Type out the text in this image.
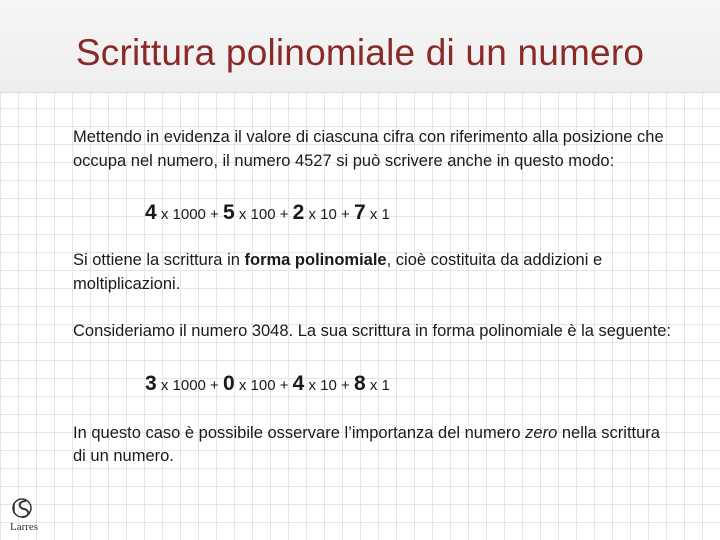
Scrittura polinomiale di un numero

Mettendo in evidenza il valore di ciascuna cifra con riferimento alla posizione che occupa nel numero, il numero 4527 si può scrivere anche in questo modo:

4 x 1000 + 5 x 100 + 2 x 10 + 7 x 1

Si ottiene la scrittura in forma polinomiale, cioè costituita da addizioni e moltiplicazioni.

Consideriamo il numero 3048. La sua scrittura in forma polinomiale è la seguente:

3 x 1000 + 0 x 100 + 4 x 10 + 8 x 1

In questo caso è possibile osservare l’importanza del numero zero nella scrittura di un numero.

Larres
